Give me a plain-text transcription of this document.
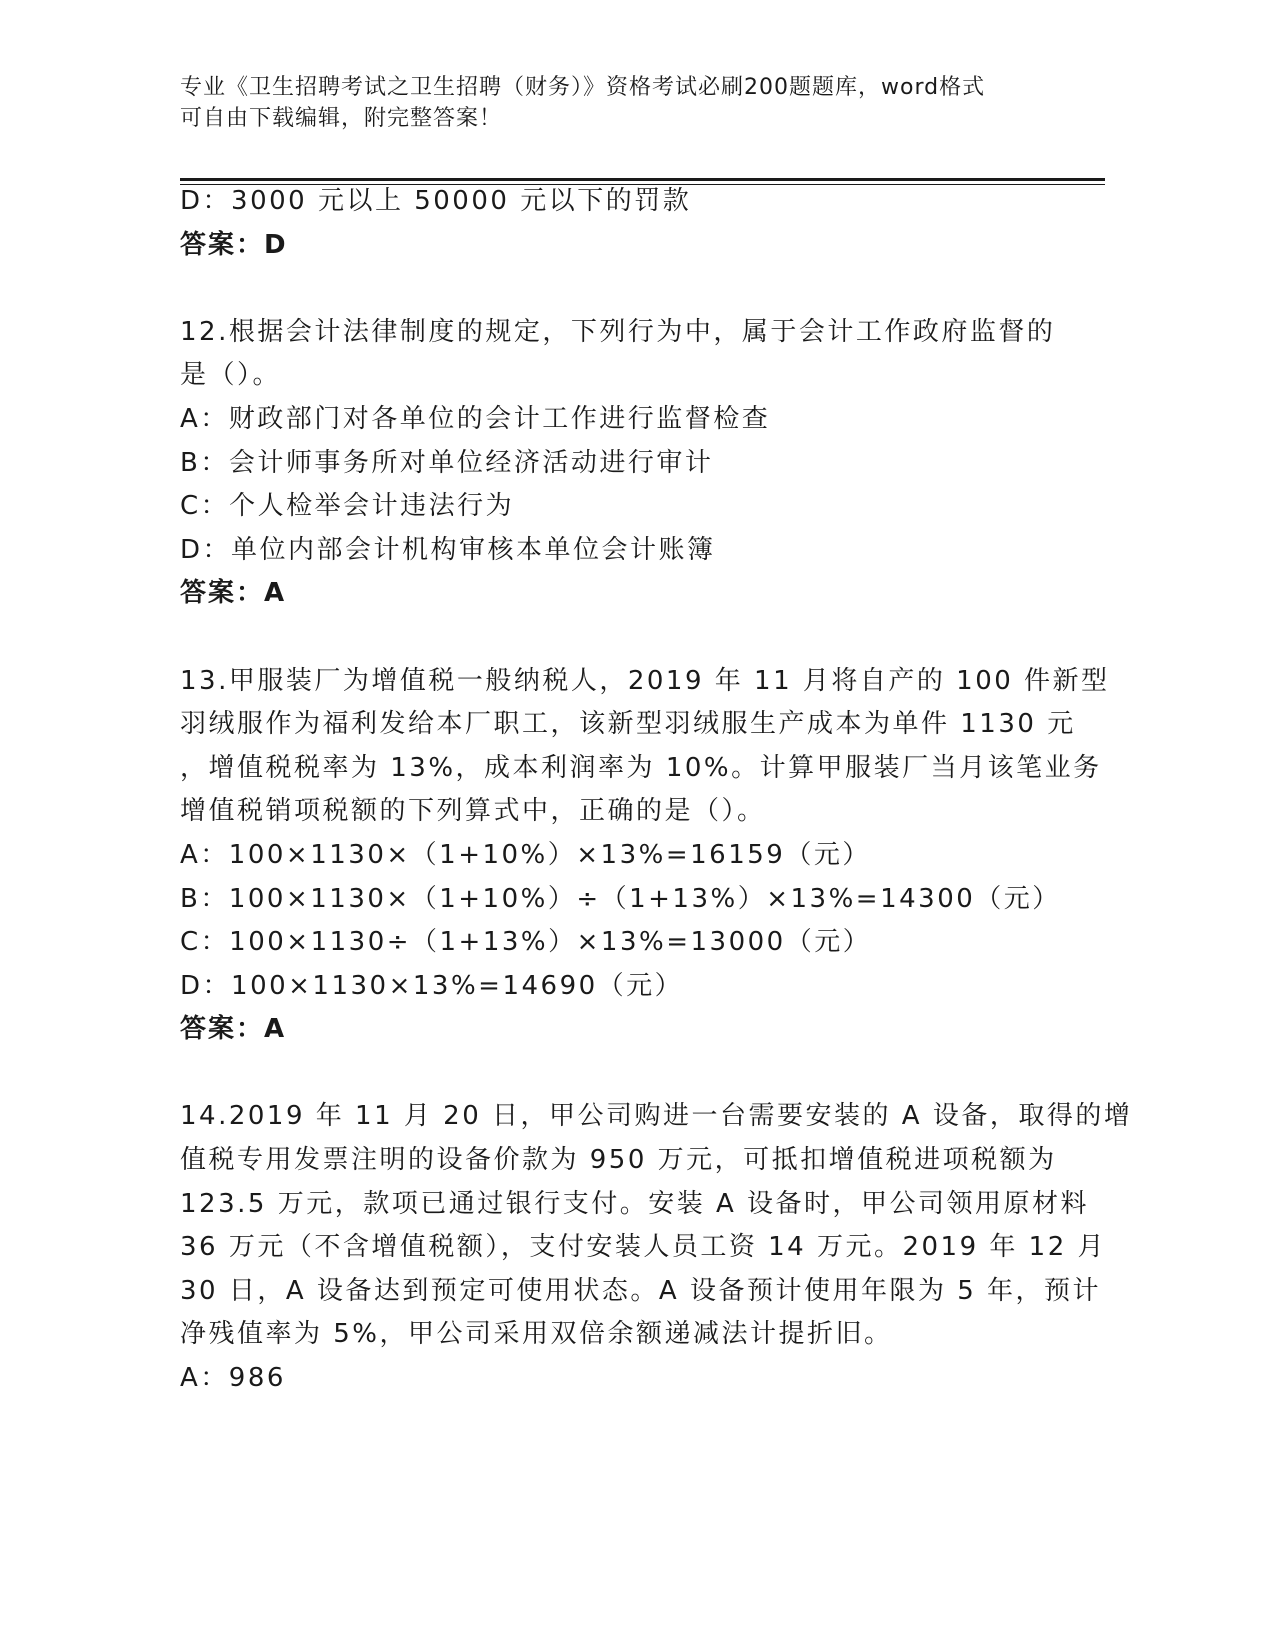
专业《卫生招聘考试之卫生招聘（财务）》资格考试必刷200题题库，word格式
可自由下载编辑，附完整答案！
D：3000 元以上 50000 元以下的罚款
答案：D
12.根据会计法律制度的规定，下列行为中，属于会计工作政府监督的
是（）。
A：财政部门对各单位的会计工作进行监督检查
B：会计师事务所对单位经济活动进行审计
C：个人检举会计违法行为
D：单位内部会计机构审核本单位会计账簿
答案：A
13.甲服装厂为增值税一般纳税人，2019 年 11 月将自产的 100 件新型
羽绒服作为福利发给本厂职工，该新型羽绒服生产成本为单件 1130 元
，增值税税率为 13%，成本利润率为 10%。计算甲服装厂当月该笔业务
增值税销项税额的下列算式中，正确的是（）。
A：100×1130×（1+10%）×13%=16159（元）
B：100×1130×（1+10%）÷（1+13%）×13%=14300（元）
C：100×1130÷（1+13%）×13%=13000（元）
D：100×1130×13%=14690（元）
答案：A
14.2019 年 11 月 20 日，甲公司购进一台需要安装的 A 设备，取得的增
值税专用发票注明的设备价款为 950 万元，可抵扣增值税进项税额为
123.5 万元，款项已通过银行支付。安装 A 设备时，甲公司领用原材料
36 万元（不含增值税额），支付安装人员工资 14 万元。2019 年 12 月
30 日，A 设备达到预定可使用状态。A 设备预计使用年限为 5 年，预计
净残值率为 5%，甲公司采用双倍余额递减法计提折旧。
A：986
